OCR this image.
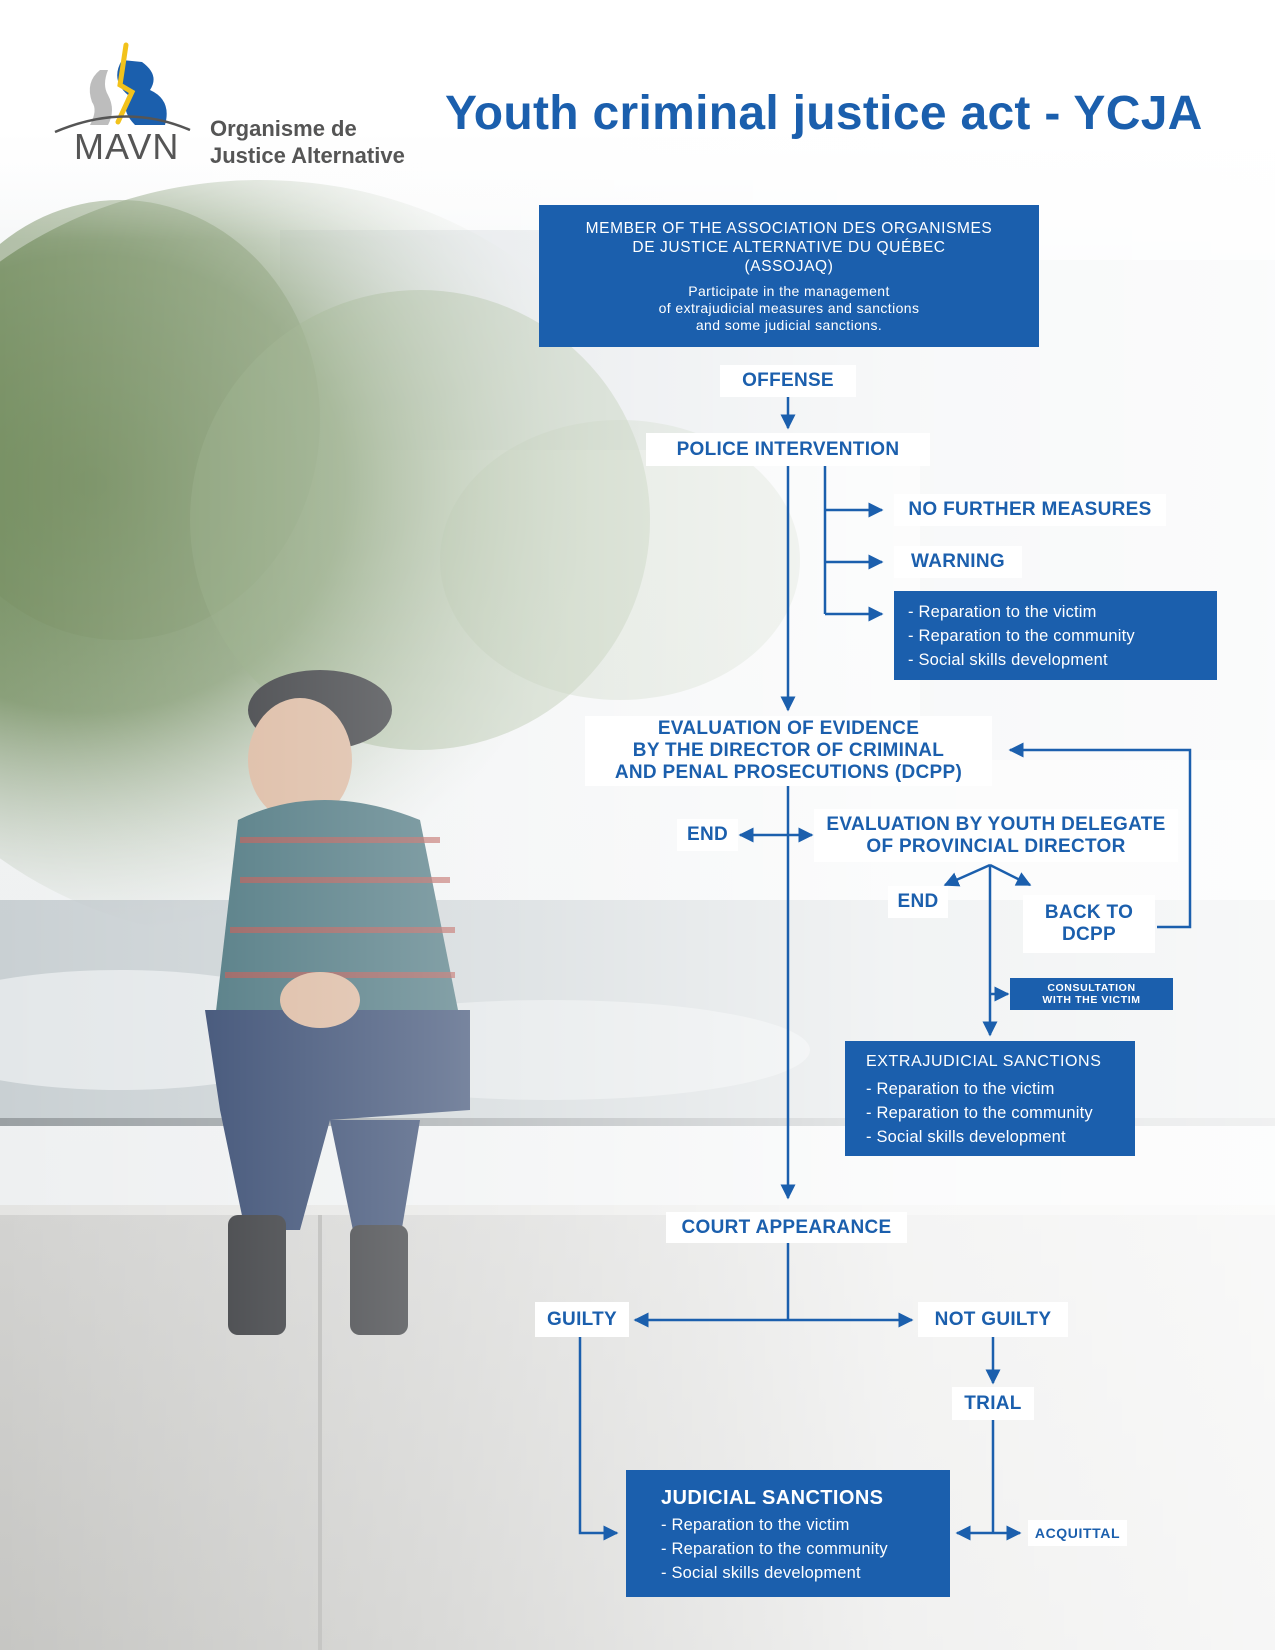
MAVN Organisme de
Justice Alternative
Youth criminal justice act - YCJA
MEMBER OF THE ASSOCIATION DES ORGANISMES
DE JUSTICE ALTERNATIVE DU QUÉBEC
(ASSOJAQ)
Participate in the management
of extrajudicial measures and sanctions
and some judicial sanctions.
OFFENSE
POLICE INTERVENTION
NO FURTHER MEASURES
WARNING
- Reparation to the victim
- Reparation to the community
- Social skills development
EVALUATION OF EVIDENCE
BY THE DIRECTOR OF CRIMINAL
AND PENAL PROSECUTIONS (DCPP)
END	EVALUATION BY YOUTH DELEGATE
OF PROVINCIAL DIRECTOR
END
BACK TO
DCPP
CONSULTATION
WITH THE VICTIM
EXTRAJUDICIAL SANCTIONS
- Reparation to the victim
- Reparation to the community
- Social skills development
COURT APPEARANCE
GUILTY	NOT GUILTY
TRIAL
JUDICIAL SANCTIONS
- Reparation to the victim
- Reparation to the community
- Social skills development
ACQUITTAL
